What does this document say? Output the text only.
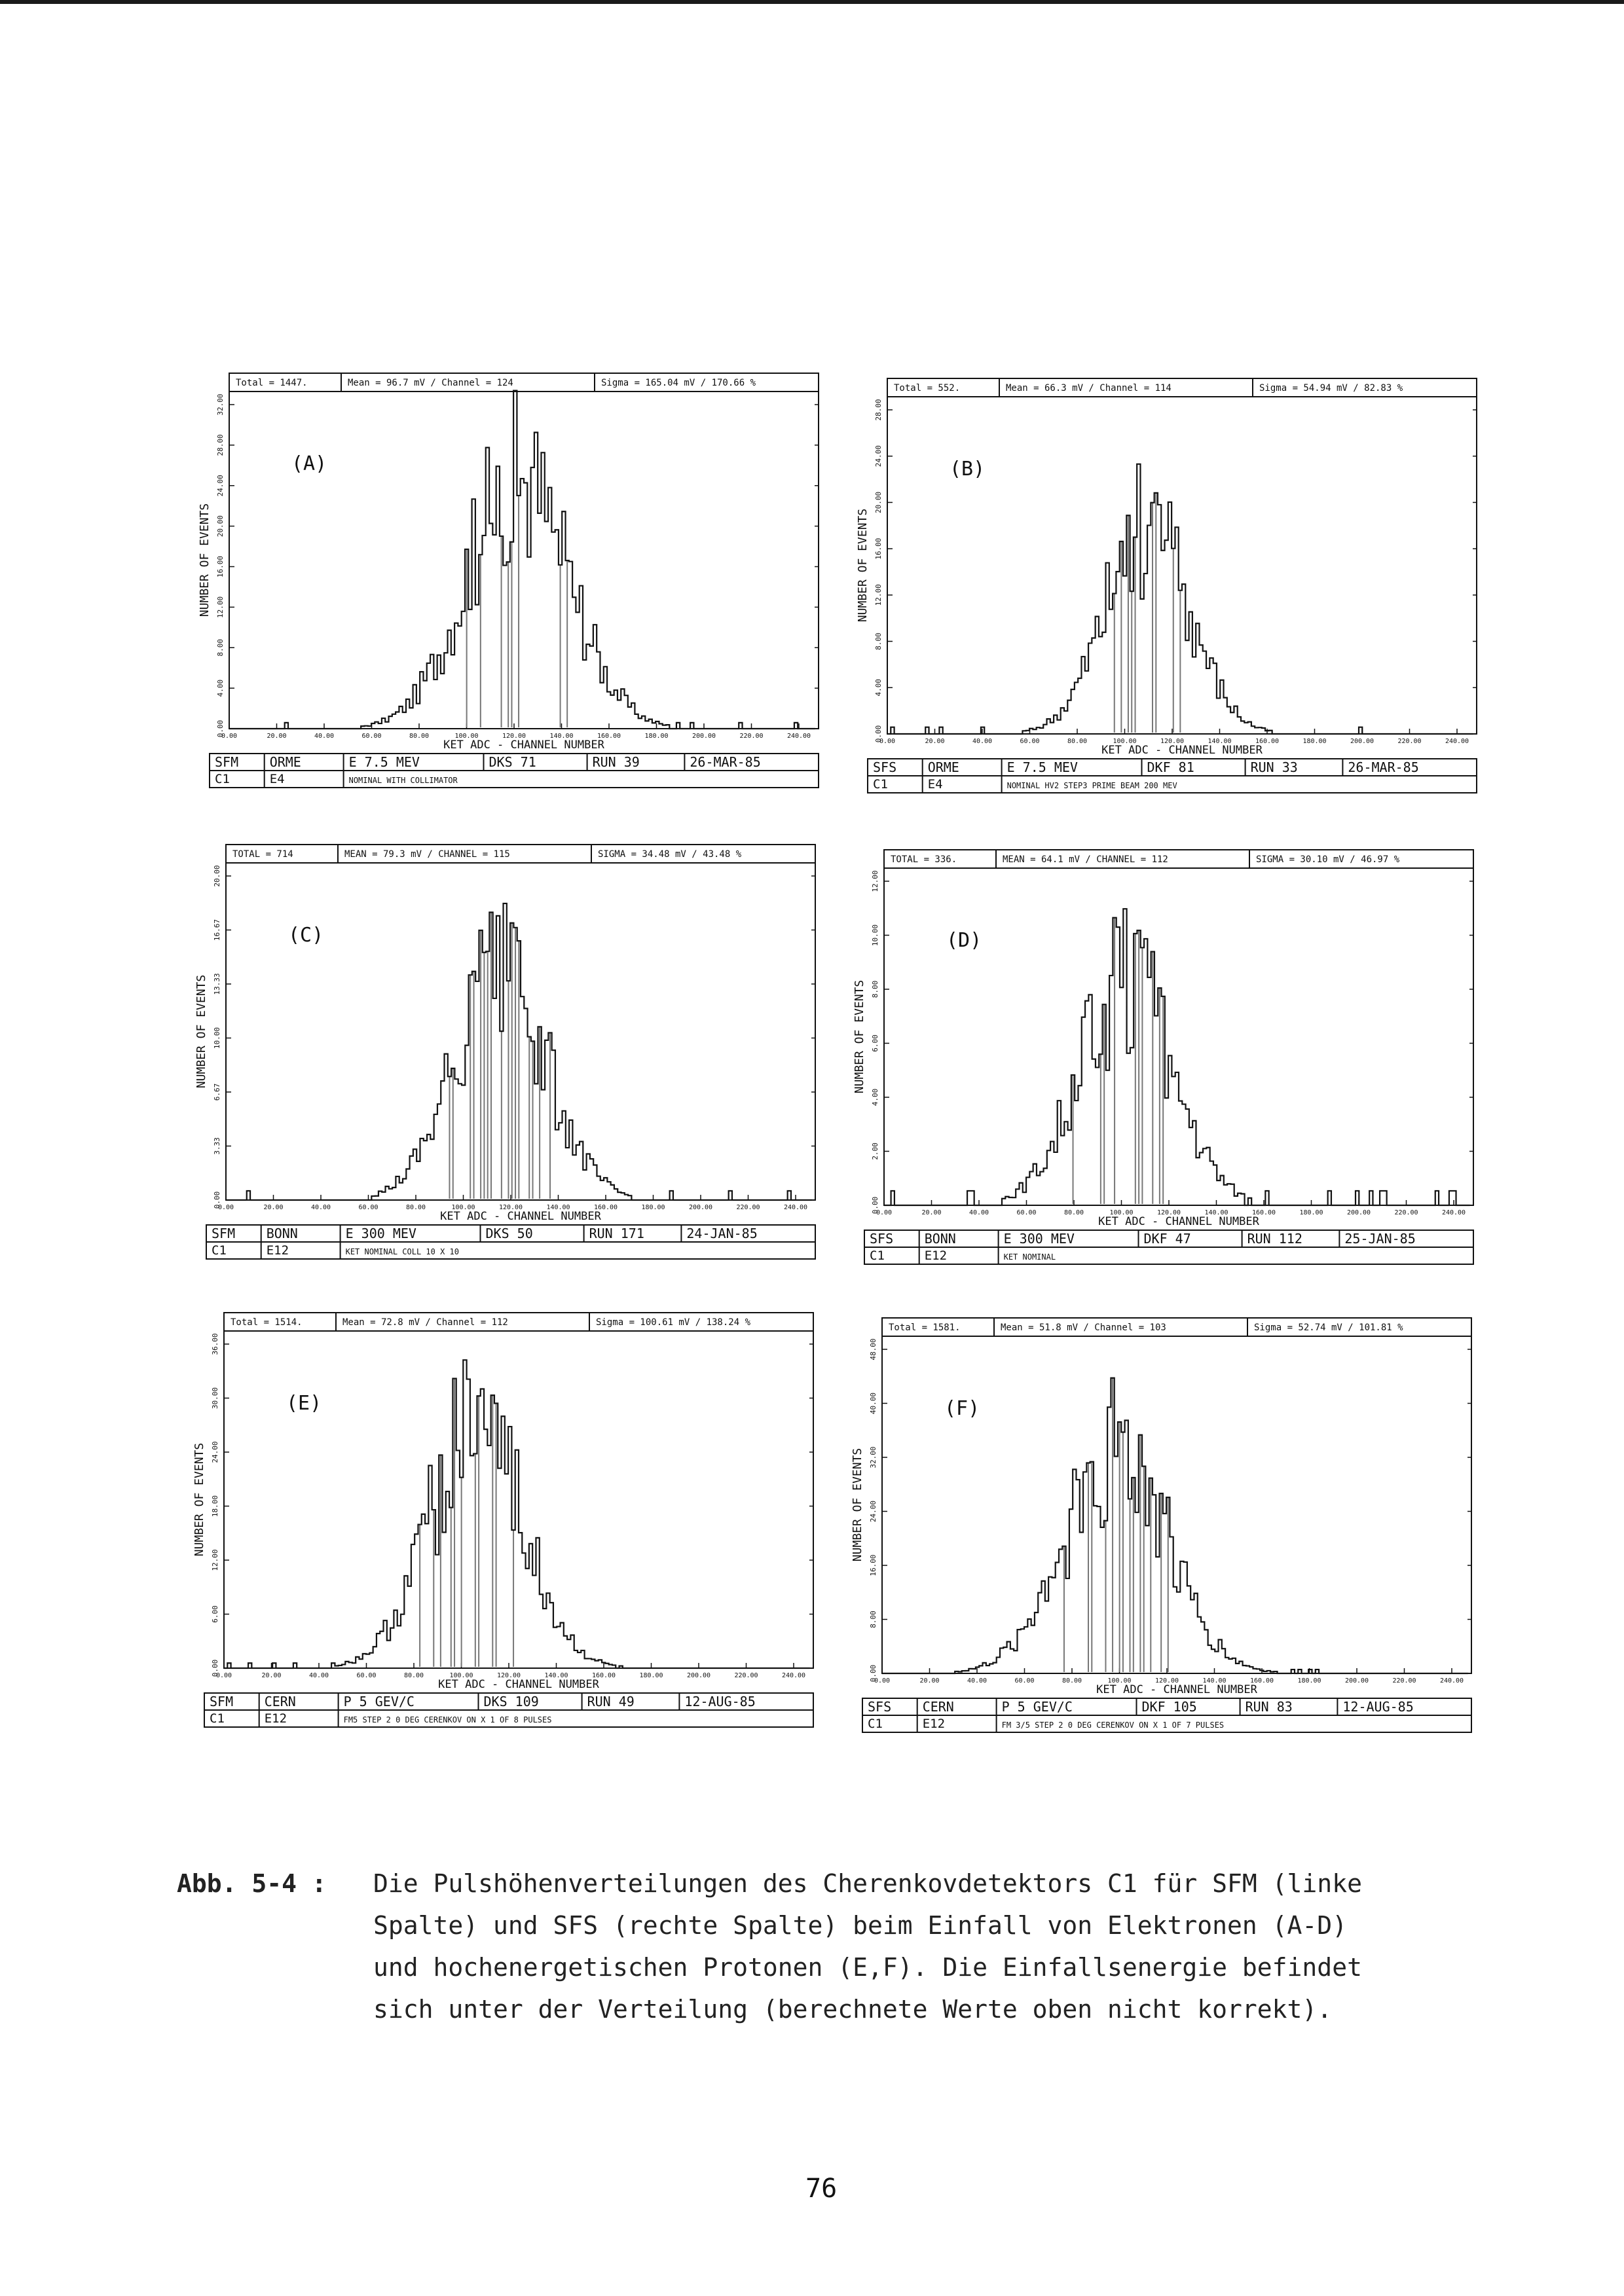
Total = 1447.	Mean = 96.7 mV / Channel = 124	Sigma = 165.04 mV / 170.66 %
(A)
0.00
4.00
8.00
12.00
16.00
20.00
24.00
28.00
32.00
NUMBER OF EVENTS
0.00	20.00	40.00	60.00	80.00	100.00	120.00	140.00	160.00	180.00	200.00	220.00	240.00
KET ADC - CHANNEL NUMBER
SFM ORME	E 7.5 MEV	DKS 71	RUN 39	26-MAR-85
C1	E4	NOMINAL WITH COLLIMATOR
Total = 552.	Mean = 66.3 mV / Channel = 114	Sigma = 54.94 mV / 82.83 %
(B)
0.00
4.00
8.00
12.00
16.00
20.00
24.00
28.00
NUMBER OF EVENTS
0.00	20.00	40.00	60.00	80.00	100.00	120.00	140.00	160.00	180.00	200.00	220.00	240.00
KET ADC - CHANNEL NUMBER
SFS ORME	E 7.5 MEV	DKF 81	RUN 33	26-MAR-85
C1	E4	NOMINAL HV2 STEP3 PRIME BEAM 200 MEV
TOTAL = 714	MEAN = 79.3 mV / CHANNEL = 115	SIGMA = 34.48 mV / 43.48 %
(C)
0.00
3.33
6.67
10.00
13.33
16.67
20.00
NUMBER OF EVENTS
0.00	20.00	40.00	60.00	80.00	100.00	120.00	140.00	160.00	180.00	200.00	220.00	240.00
KET ADC - CHANNEL NUMBER
SFM BONN	E 300 MEV	DKS 50	RUN 171	24-JAN-85
C1	E12	KET NOMINAL COLL 10 X 10
TOTAL = 336.	MEAN = 64.1 mV / CHANNEL = 112	SIGMA = 30.10 mV / 46.97 %
(D)
0.00
2.00
4.00
6.00
8.00
10.00
12.00
NUMBER OF EVENTS
0.00	20.00	40.00	60.00	80.00	100.00	120.00	140.00	160.00	180.00	200.00	220.00	240.00
KET ADC - CHANNEL NUMBER
SFS BONN	E 300 MEV	DKF 47	RUN 112	25-JAN-85
C1	E12	KET NOMINAL
Total = 1514.	Mean = 72.8 mV / Channel = 112	Sigma = 100.61 mV / 138.24 %
(E)
0.00
6.00
12.00
18.00
24.00
30.00
36.00
NUMBER OF EVENTS
0.00	20.00	40.00	60.00	80.00	100.00	120.00	140.00	160.00	180.00	200.00	220.00	240.00
KET ADC - CHANNEL NUMBER
SFM CERN	P 5 GEV/C	DKS 109	RUN 49	12-AUG-85
C1	E12	FM5 STEP 2 0 DEG CERENKOV ON X 1 OF 8 PULSES
Total = 1581.	Mean = 51.8 mV / Channel = 103	Sigma = 52.74 mV / 101.81 %
(F)
0.00
8.00
16.00
24.00
32.00
40.00
48.00
NUMBER OF EVENTS
0.00	20.00	40.00	60.00	80.00	100.00	120.00	140.00	160.00	180.00	200.00	220.00	240.00
KET ADC - CHANNEL NUMBER
SFS CERN	P 5 GEV/C	DKF 105	RUN 83	12-AUG-85
C1	E12	FM 3/5 STEP 2 0 DEG CERENKOV ON X 1 OF 7 PULSES
Abb. 5-4 : Die Pulshöhenverteilungen des Cherenkovdetektors C1 für SFM (linke
Spalte) und SFS (rechte Spalte) beim Einfall von Elektronen (A-D)
und hochenergetischen Protonen (E,F). Die Einfallsenergie befindet
sich unter der Verteilung (berechnete Werte oben nicht korrekt).
76
